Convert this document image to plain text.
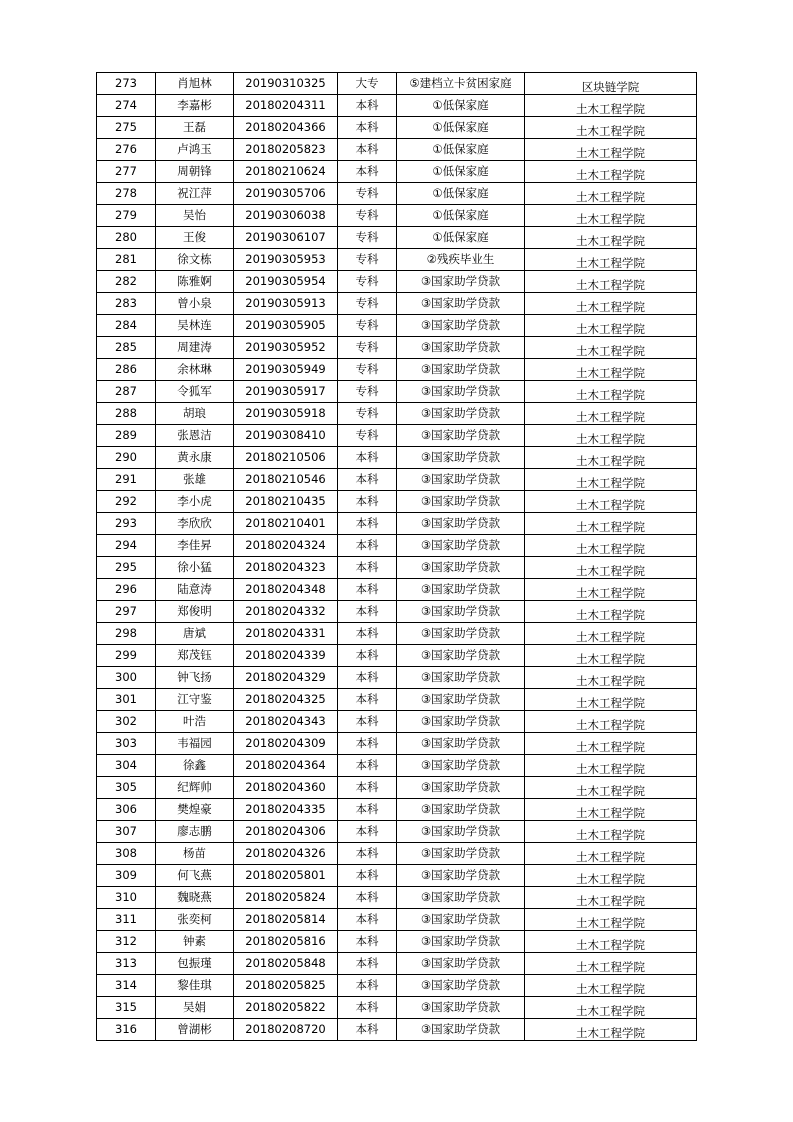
273	肖旭林	20190310325	大专	⑤建档立卡贫困家庭	区块链学院
274	李嘉彬	20180204311	本科	①低保家庭	土木工程学院
275	王磊	20180204366	本科	①低保家庭	土木工程学院
276	卢鸿玉	20180205823	本科	①低保家庭	土木工程学院
277	周朝锋	20180210624	本科	①低保家庭	土木工程学院
278	祝江萍	20190305706	专科	①低保家庭	土木工程学院
279	吴怡	20190306038	专科	①低保家庭	土木工程学院
280	王俊	20190306107	专科	①低保家庭	土木工程学院
281	徐文栋	20190305953	专科	②残疾毕业生	土木工程学院
282	陈雅婀	20190305954	专科	③国家助学贷款	土木工程学院
283	曾小泉	20190305913	专科	③国家助学贷款	土木工程学院
284	吴林连	20190305905	专科	③国家助学贷款	土木工程学院
285	周建涛	20190305952	专科	③国家助学贷款	土木工程学院
286	余林琳	20190305949	专科	③国家助学贷款	土木工程学院
287	令狐军	20190305917	专科	③国家助学贷款	土木工程学院
288	胡琅	20190305918	专科	③国家助学贷款	土木工程学院
289	张恩洁	20190308410	专科	③国家助学贷款	土木工程学院
290	黄永康	20180210506	本科	③国家助学贷款	土木工程学院
291	张雄	20180210546	本科	③国家助学贷款	土木工程学院
292	李小虎	20180210435	本科	③国家助学贷款	土木工程学院
293	李欣欣	20180210401	本科	③国家助学贷款	土木工程学院
294	李佳昇	20180204324	本科	③国家助学贷款	土木工程学院
295	徐小猛	20180204323	本科	③国家助学贷款	土木工程学院
296	陆意涛	20180204348	本科	③国家助学贷款	土木工程学院
297	郑俊明	20180204332	本科	③国家助学贷款	土木工程学院
298	唐斌	20180204331	本科	③国家助学贷款	土木工程学院
299	郑茂钰	20180204339	本科	③国家助学贷款	土木工程学院
300	钟飞扬	20180204329	本科	③国家助学贷款	土木工程学院
301	江守鉴	20180204325	本科	③国家助学贷款	土木工程学院
302	叶浩	20180204343	本科	③国家助学贷款	土木工程学院
303	韦福园	20180204309	本科	③国家助学贷款	土木工程学院
304	徐鑫	20180204364	本科	③国家助学贷款	土木工程学院
305	纪辉帅	20180204360	本科	③国家助学贷款	土木工程学院
306	樊煌豪	20180204335	本科	③国家助学贷款	土木工程学院
307	廖志鹏	20180204306	本科	③国家助学贷款	土木工程学院
308	杨苗	20180204326	本科	③国家助学贷款	土木工程学院
309	何飞燕	20180205801	本科	③国家助学贷款	土木工程学院
310	魏晓燕	20180205824	本科	③国家助学贷款	土木工程学院
311	张奕柯	20180205814	本科	③国家助学贷款	土木工程学院
312	钟素	20180205816	本科	③国家助学贷款	土木工程学院
313	包振瑾	20180205848	本科	③国家助学贷款	土木工程学院
314	黎佳琪	20180205825	本科	③国家助学贷款	土木工程学院
315	吴娟	20180205822	本科	③国家助学贷款	土木工程学院
316	曾湖彬	20180208720	本科	③国家助学贷款	土木工程学院
